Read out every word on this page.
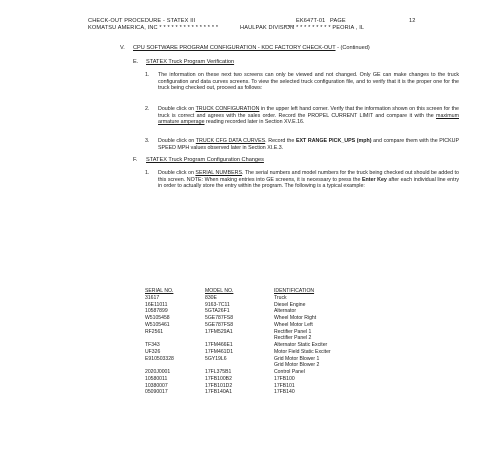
CHECK-OUT PROCEDURE - STATEX III	EK647T-01 PAGE	12
KOMATSU AMERICA, INC * * * * * * * * * * * * * * *	HAULPAK DIVISION
* * * * * * * * * * * * PEORIA , IL
V. CPU SOFTWARE PROGRAM CONFIGURATION - KDC FACTORY CHECK-OUT - (Continued)
E. STATEX Truck Program Verification
1. The information on these next two screens can only be viewed and not changed. Only GE can make changes to the truck configuration and data curves screens. To view the selected truck configuration file, and to verify that it is the proper one for the truck being checked out, proceed as follows:
2. Double click on TRUCK CONFIGURATION in the upper left hand corner. Verify that the information shown on this screen for the truck is correct and agrees with the sales order. Record the PROPEL CURRENT LIMIT and compare it with the maximum armature amperage reading recorded later in Section XV.E.16.
3. Double click on TRUCK CFG DATA CURVES. Record the EXT RANGE PICK_UPS (mph) and compare them with the PICKUP SPEED MPH values observed later in Section XI.E.3.
F. STATEX Truck Program Configuration Changes
1. Double click on SERIAL NUMBERS. The serial numbers and model numbers for the truck being checked out should be added to this screen. NOTE: When making entries into GE screens, it is necessary to press the Enter Key after each individual line entry in order to actually store the entry within the program. The following is a typical example:
SERIAL NO.	MODEL NO.	IDENTIFICATION
31617	830E	Truck
16E11011	9163-7C11	Diesel Engine
10587899	5GTA26F1	Alternator
W5105458	5GE787FS8	Wheel Motor Right
W5105461	5GE787FS8	Wheel Motor Left
RF2561	17FM529A1	Rectifier Panel 1
Rectifier Panel 2
TF343	17FM466E1	Alternator Static Exciter
UF326	17FM461D1	Motor Field Static Exciter
E910503328	5GY19L6	Grid Motor Blower 1
Grid Motor Blower 2
2020J0001	17FL375B1	Control Panel
10580011	17FB100B2	17FB100
10380007	17FB101D2	17FB101
05090017	17FB140A1	17FB140
